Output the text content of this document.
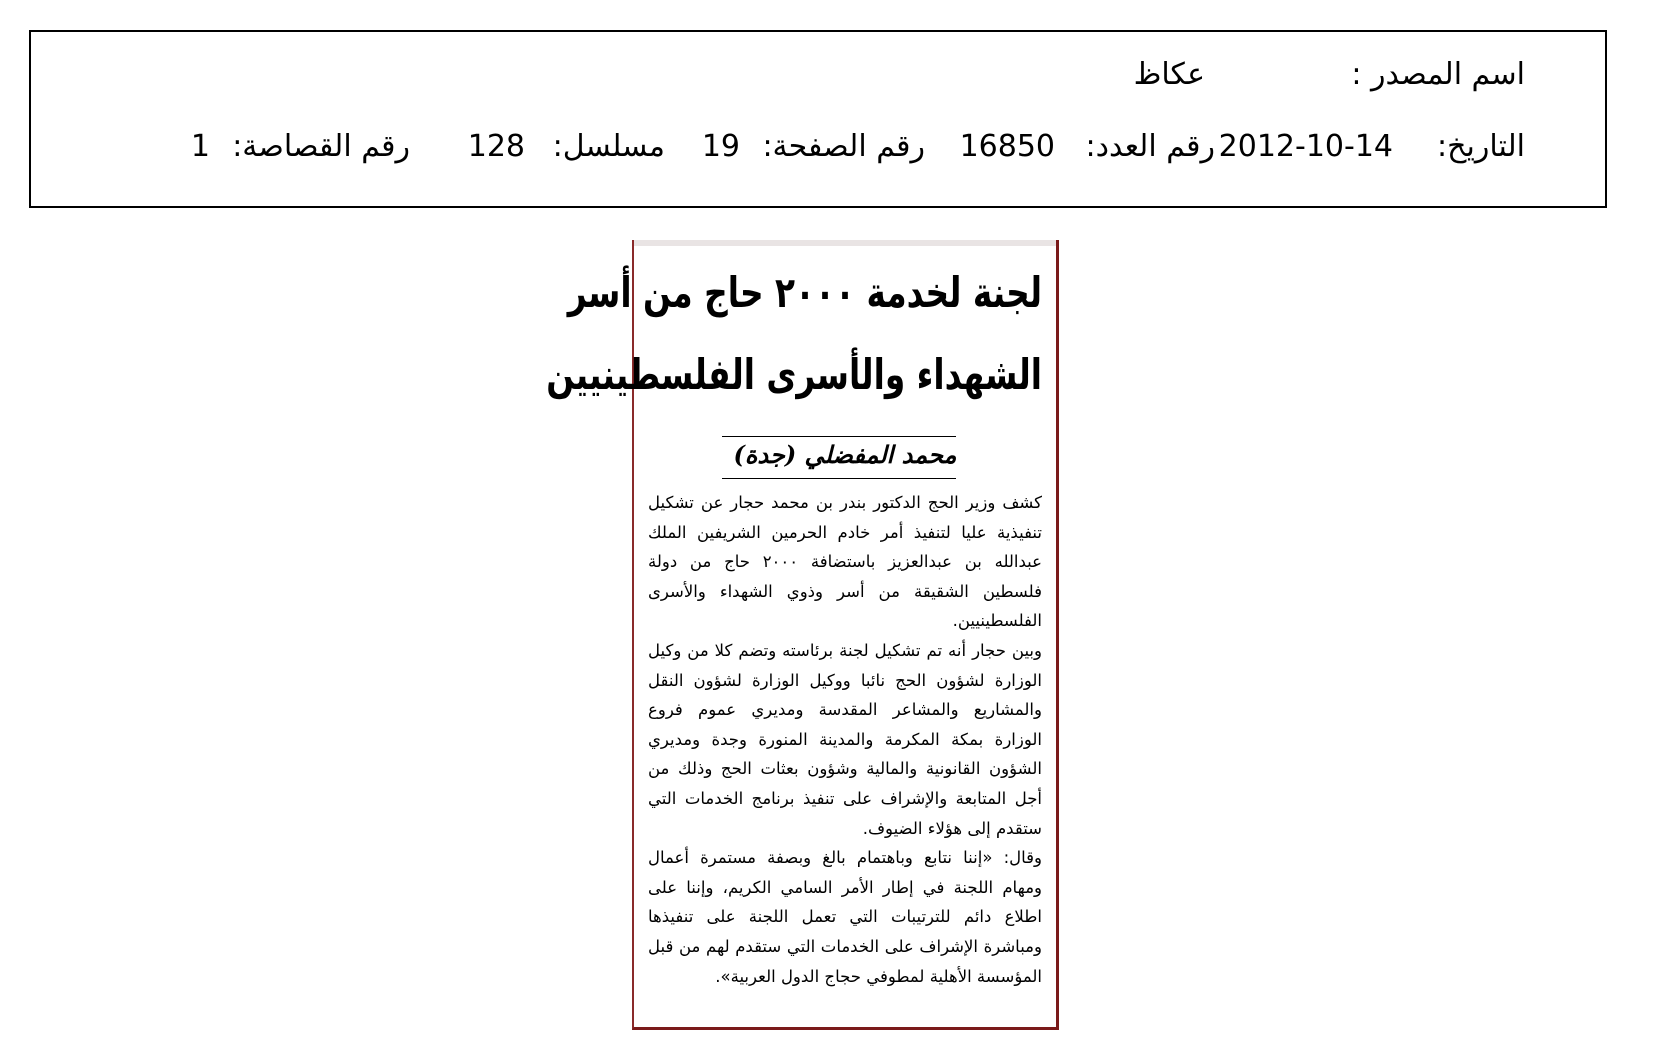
اسم المصدر :
عكاظ
التاريخ:
2012-10-14
رقم العدد:
16850
رقم الصفحة:
19
مسلسل:
128
رقم القصاصة:
1
لجنة لخدمة ٢٠٠٠ حاج من أسر
الشهداء والأسرى الفلسطينيين
محمد المفضلي (جدة)

كشف وزير الحج الدكتور بندر بن محمد حجار عن تشكيل تنفيذية عليا لتنفيذ أمر خادم الحرمين الشريفين الملك عبدالله بن عبدالعزيز باستضافة ٢٠٠٠ حاج من دولة فلسطين الشقيقة من أسر وذوي الشهداء والأسرى الفلسطينيين.

وبين حجار أنه تم تشكيل لجنة برئاسته وتضم كلا من وكيل الوزارة لشؤون الحج نائبا ووكيل الوزارة لشؤون النقل والمشاريع والمشاعر المقدسة ومديري عموم فروع الوزارة بمكة المكرمة والمدينة المنورة وجدة ومديري الشؤون القانونية والمالية وشؤون بعثات الحج وذلك من أجل المتابعة والإشراف على تنفيذ برنامج الخدمات التي ستقدم إلى هؤلاء الضيوف.

وقال: «إننا نتابع وباهتمام بالغ وبصفة مستمرة أعمال ومهام اللجنة في إطار الأمر السامي الكريم، وإننا على اطلاع دائم للترتيبات التي تعمل اللجنة على تنفيذها ومباشرة الإشراف على الخدمات التي ستقدم لهم من قبل المؤسسة الأهلية لمطوفي حجاج الدول العربية».
